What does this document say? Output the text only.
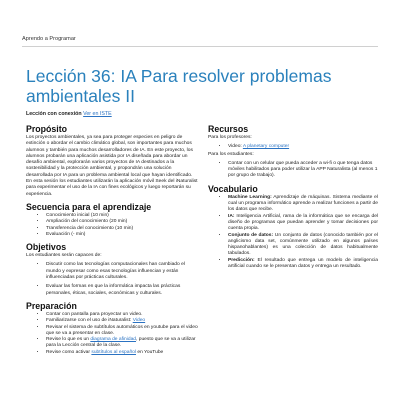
Aprendo a Programar
Lección 36: IA Para resolver problemas ambientales II
Lección con conexión Ver en ISTE
Propósito

Los proyectos ambientales, ya sea para proteger especies en peligro de extinción o abordar el cambio climático global, son importantes para muchos alumnos y también para muchos desarrolladores de IA. En este proyecto, los alumnos probarán una aplicación asistida por IA diseñada para abordar un desafío ambiental, explorarán varios proyectos de IA destinados a la sostenibilidad y la protección ambiental, y propondrán una solución desarrollada por IA para un problema ambiental local que hayan identificado.

En esta sesión los estudiantes utilizarán la aplicación móvil Seek del iNaturalist para experimentar el uso de la IA con fines ecológicos y luego reportarán su experiencia.

Secuencia para el aprendizaje
• Conocimiento inicial (10 min)
• Ampliación del conocimiento (20 min)
• Transferencia del conocimiento (10 min)
• Evaluación (- min)
Objetivos

Los estudiantes serán capaces de:

• Discutir como las tecnologías computacionales han cambiado el mundo y expresar como esas tecnologías influencian y están influenciadas por prácticas culturales.
• Evaluar las formas en que la informática impacta las prácticas personales, éticas, sociales, económicas y culturales.
Preparación
• Contar con pantalla para proyectar un video.
• Familiarizarse con el uso de iNaturalist: Video
• Revisar el sistema de subtítulos automáticos en youtube para el video que se va a presentar en clase.
• Revise lo que es un diagrama de afinidad, puesto que se va a utilizar para la Lección central de la clase.
• Revise como activar subtítulos al español en YouTube
Recursos

Para los profesores:

• Video: A planetary computer

Para los estudiantes:

• Contar con un celular que pueda acceder a wi-fi o que tenga datos móviles habilitados para poder utilizar la APP Naturalista (al menos 1 por grupo de trabajo).
Vocabulario
• Machine Learning: Aprendizaje de máquinas. Sistema mediante el cual un programa informático aprende a realizar funciones a partir de los datos que recibe.
• IA: Inteligencia Artificial, rama de la informática que se encarga del diseño de programas que puedan aprender y tomar decisiones por cuenta propia.
• Conjunto de datos: Un conjunto de datos (conocido también por el anglicismo data set, comúnmente utilizado en algunos países hispanohablantes) es una colección de datos habitualmente tabulados.
• Predicción: El resultado que entrega un modelo de inteligencia artificial cuando se le presentan datos y entrega un resultado.
